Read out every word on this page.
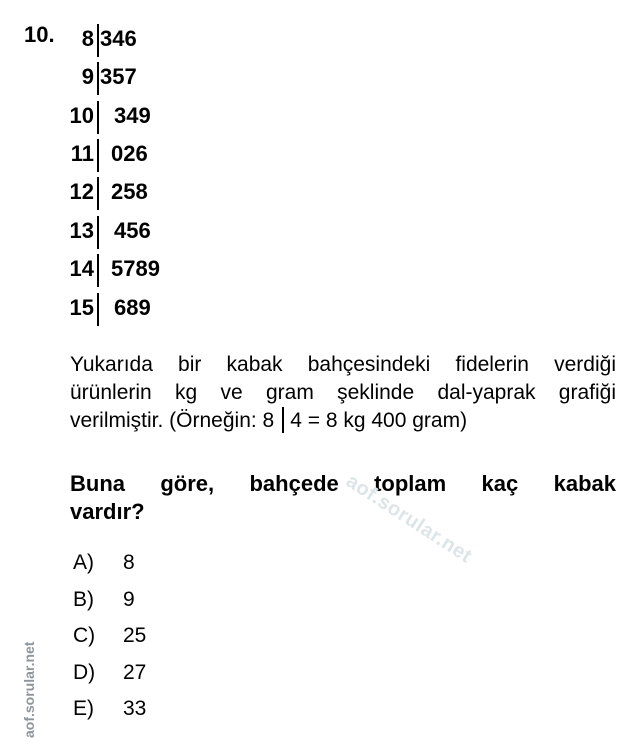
10. 8 346
9 357
10 349
11 026
12 258
13 456
14 5789
15 689
Yukarıda bir kabak bahçesindeki fidelerin verdiği
ürünlerin kg ve gram şeklinde dal-yaprak grafiği
verilmiştir. (Örneğin: 8 4 = 8 kg 400 gram)
Buna göre, bahçede toplam kaç kabak
vardır?	aof.sorular.net
A) 8
B) 9
C) 25
D) 27
E) 33
aof.sorular.net
